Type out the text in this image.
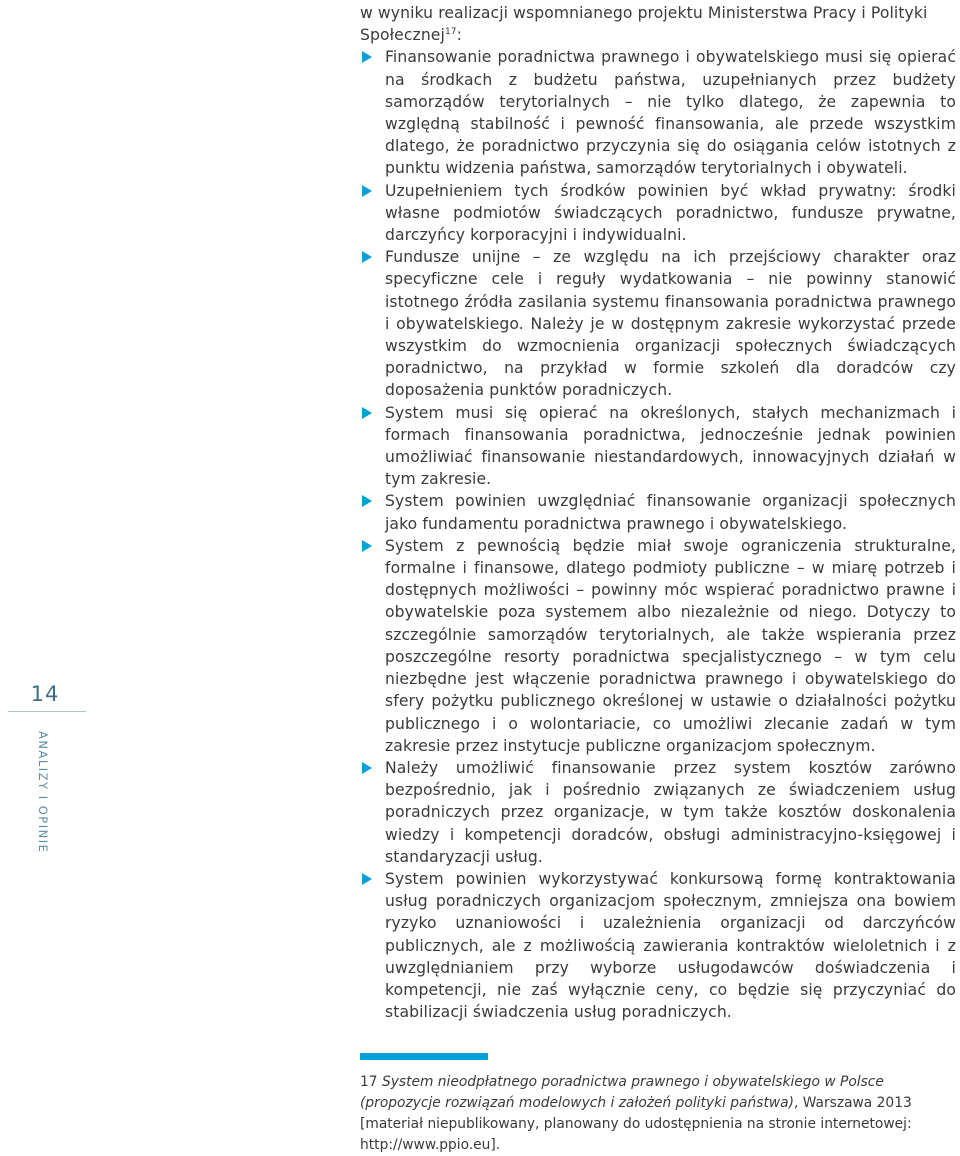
14
ANALIZY I OPINIE

w wyniku realizacji wspomnianego projektu Ministerstwa Pracy i Polityki Społecznej$^{17}$:

Finansowanie poradnictwa prawnego i obywatelskiego musi się opierać na środkach z budżetu państwa, uzupełnianych przez budżety samorządów terytorialnych – nie tylko dlatego, że zapewnia to względną stabilność i pewność finansowania, ale przede wszystkim dlatego, że poradnictwo przyczynia się do osiągania celów istotnych z punktu widzenia państwa, samorządów terytorialnych i obywateli.
Uzupełnieniem tych środków powinien być wkład prywatny: środki własne podmiotów świadczących poradnictwo, fundusze prywatne, darczyńcy korporacyjni i indywidualni.
Fundusze unijne – ze względu na ich przejściowy charakter oraz specyficzne cele i reguły wydatkowania – nie powinny stanowić istotnego źródła zasilania systemu finansowania poradnictwa prawnego i obywatelskiego. Należy je w dostępnym zakresie wykorzystać przede wszystkim do wzmocnienia organizacji społecznych świadczących poradnictwo, na przykład w formie szkoleń dla doradców czy doposażenia punktów poradniczych.
System musi się opierać na określonych, stałych mechanizmach i formach finansowania poradnictwa, jednocześnie jednak powinien umożliwiać finansowanie niestandardowych, innowacyjnych działań w tym zakresie.
System powinien uwzględniać finansowanie organizacji społecznych jako fundamentu poradnictwa prawnego i obywatelskiego.
System z pewnością będzie miał swoje ograniczenia strukturalne, formalne i finansowe, dlatego podmioty publiczne – w miarę potrzeb i dostępnych możliwości – powinny móc wspierać poradnictwo prawne i obywatelskie poza systemem albo niezależnie od niego. Dotyczy to szczególnie samorządów terytorialnych, ale także wspierania przez poszczególne resorty poradnictwa specjalistycznego – w tym celu niezbędne jest włączenie poradnictwa prawnego i obywatelskiego do sfery pożytku publicznego określonej w ustawie o działalności pożytku publicznego i o wolontariacie, co umożliwi zlecanie zadań w tym zakresie przez instytucje publiczne organizacjom społecznym.
Należy umożliwić finansowanie przez system kosztów zarówno bezpośrednio, jak i pośrednio związanych ze świadczeniem usług poradniczych przez organizacje, w tym także kosztów doskonalenia wiedzy i kompetencji doradców, obsługi administracyjno-księgowej i standaryzacji usług.
System powinien wykorzystywać konkursową formę kontraktowania usług poradniczych organizacjom społecznym, zmniejsza ona bowiem ryzyko uznaniowości i uzależnienia organizacji od darczyńców publicznych, ale z możliwością zawierania kontraktów wieloletnich i z uwzględnianiem przy wyborze usługodawców doświadczenia i kompetencji, nie zaś wyłącznie ceny, co będzie się przyczyniać do stabilizacji świadczenia usług poradniczych.

17 System nieodpłatnego poradnictwa prawnego i obywatelskiego w Polsce (propozycje rozwiązań modelowych i założeń polityki państwa), Warszawa 2013 [materiał niepublikowany, planowany do udostępnienia na stronie internetowej: http://www.ppio.eu].
